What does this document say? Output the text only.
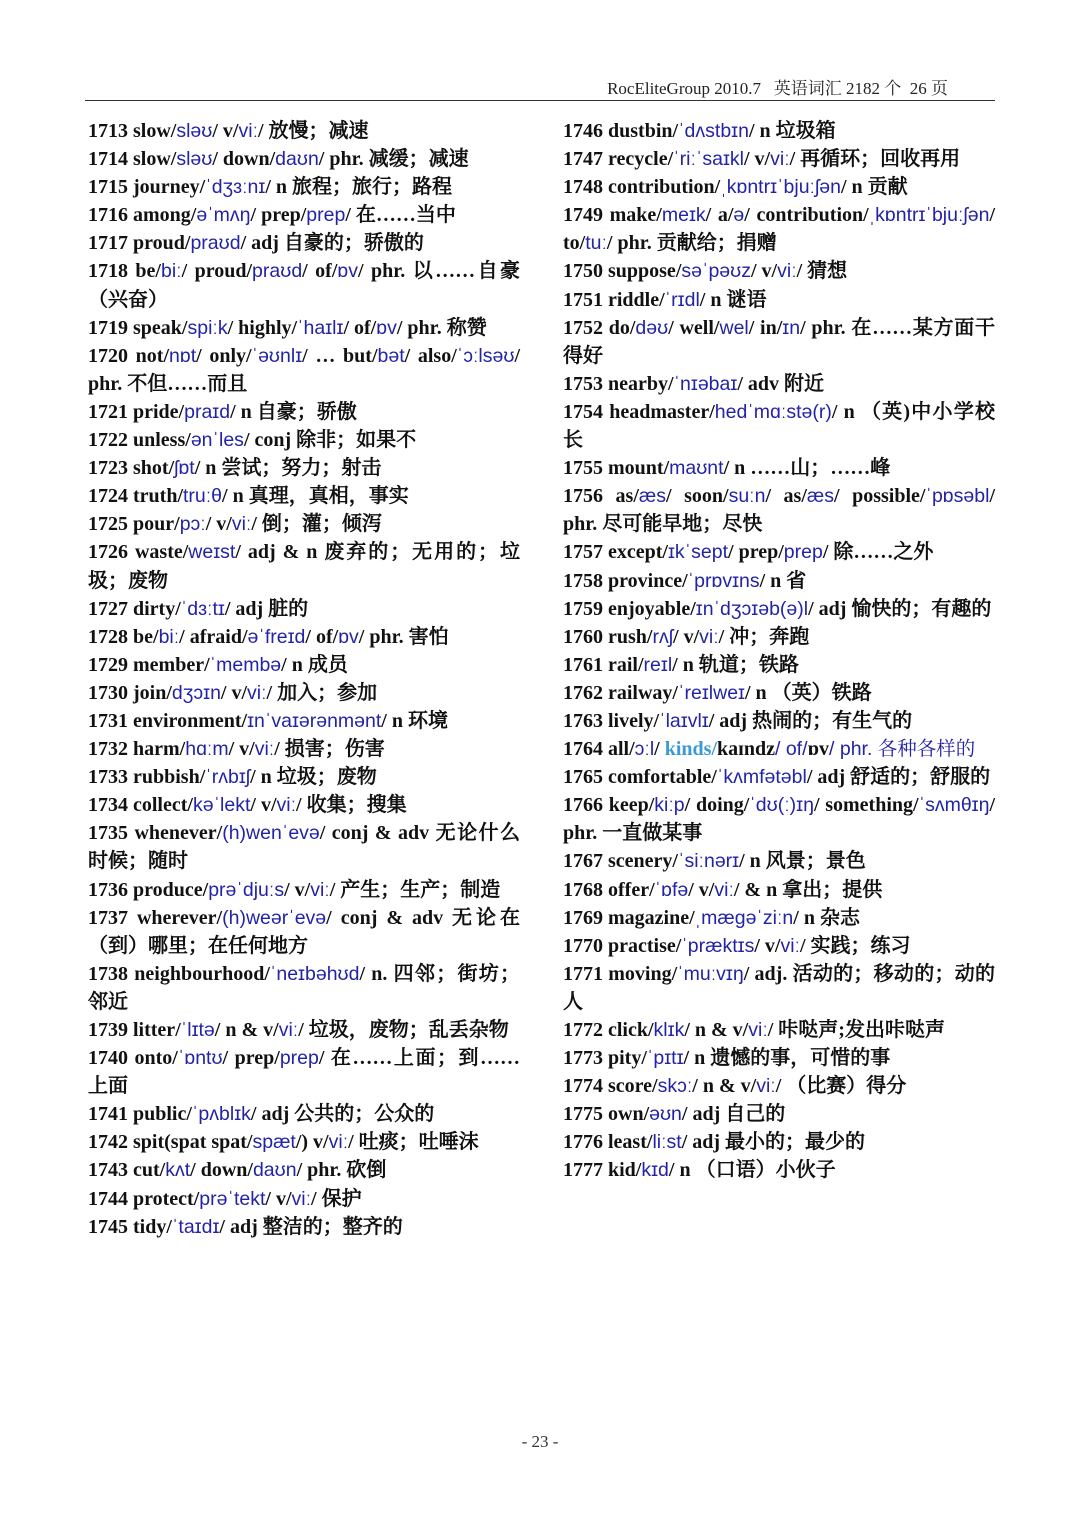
RocEliteGroup 2010.7   英语词汇 2182 个  26 页

1713 slow/sləʊ/ v/viː/ 放慢；减速

1714 slow/sləʊ/ down/daʊn/ phr. 减缓；减速

1715 journey/ˈdʒɜːnɪ/ n 旅程；旅行；路程

1716 among/əˈmʌŋ/ prep/prep/ 在……当中

1717 proud/praʊd/ adj 自豪的；骄傲的

1718 be/biː/ proud/praʊd/ of/ɒv/ phr. 以……自豪（兴奋）

1719 speak/spiːk/ highly/ˈhaɪlɪ/ of/ɒv/ phr. 称赞

1720 not/nɒt/ only/ˈəʊnlɪ/ … but/bət/ also/ˈɔːlsəʊ/ phr. 不但……而且

1721 pride/praɪd/ n 自豪；骄傲

1722 unless/ənˈles/ conj 除非；如果不

1723 shot/ʃɒt/ n 尝试；努力；射击

1724 truth/truːθ/ n 真理，真相，事实

1725 pour/pɔː/ v/viː/ 倒；灌；倾泻

1726 waste/weɪst/ adj & n 废弃的；无用的；垃圾；废物

1727 dirty/ˈdɜːtɪ/ adj 脏的

1728 be/biː/ afraid/əˈfreɪd/ of/ɒv/ phr. 害怕

1729 member/ˈmembə/ n 成员

1730 join/dʒɔɪn/ v/viː/ 加入；参加

1731 environment/ɪnˈvaɪərənmənt/ n 环境

1732 harm/hɑːm/ v/viː/ 损害；伤害

1733 rubbish/ˈrʌbɪʃ/ n 垃圾；废物

1734 collect/kəˈlekt/ v/viː/ 收集；搜集

1735 whenever/(h)wenˈevə/ conj & adv 无论什么时候；随时

1736 produce/prəˈdjuːs/ v/viː/ 产生；生产；制造

1737 wherever/(h)weərˈevə/ conj & adv 无论在（到）哪里；在任何地方

1738 neighbourhood/ˈneɪbəhʊd/ n. 四邻；街坊；邻近

1739 litter/ˈlɪtə/ n & v/viː/ 垃圾，废物；乱丢杂物

1740 onto/ˈɒntʊ/ prep/prep/ 在……上面；到……上面

1741 public/ˈpʌblɪk/ adj 公共的；公众的

1742 spit(spat spat/spæt/) v/viː/ 吐痰；吐唾沫

1743 cut/kʌt/ down/daʊn/ phr. 砍倒

1744 protect/prəˈtekt/ v/viː/ 保护

1745 tidy/ˈtaɪdɪ/ adj 整洁的；整齐的

1746 dustbin/ˈdʌstbɪn/ n 垃圾箱

1747 recycle/ˈriːˈsaɪkl/ v/viː/ 再循环；回收再用

1748 contribution/ˌkɒntrɪˈbjuːʃən/ n 贡献

1749 make/meɪk/ a/ə/ contribution/ˌkɒntrɪˈbjuːʃən/ to/tuː/ phr. 贡献给；捐赠

1750 suppose/səˈpəʊz/ v/viː/ 猜想

1751 riddle/ˈrɪdl/ n 谜语

1752 do/dəʊ/ well/wel/ in/ɪn/ phr. 在……某方面干得好

1753 nearby/ˈnɪəbaɪ/ adv 附近

1754 headmaster/hedˈmɑːstə(r)/ n （英)中小学校长

1755 mount/maʊnt/ n ……山；……峰

1756 as/æs/ soon/suːn/ as/æs/ possible/ˈpɒsəbl/ phr. 尽可能早地；尽快

1757 except/ɪkˈsept/ prep/prep/ 除……之外

1758 province/ˈprɒvɪns/ n 省

1759 enjoyable/ɪnˈdʒɔɪəb(ə)l/ adj 愉快的；有趣的

1760 rush/rʌʃ/ v/viː/ 冲；奔跑

1761 rail/reɪl/ n 轨道；铁路

1762 railway/ˈreɪlweɪ/ n （英）铁路

1763 lively/ˈlaɪvlɪ/ adj 热闹的；有生气的

1764 all/ɔːl/ kinds/kaɪndz/ of/ɒv/ phr. 各种各样的

1765 comfortable/ˈkʌmfətəbl/ adj 舒适的；舒服的

1766 keep/kiːp/ doing/ˈdʊ(ː)ɪŋ/ something/ˈsʌmθɪŋ/ phr. 一直做某事

1767 scenery/ˈsiːnərɪ/ n 风景；景色

1768 offer/ˈɒfə/ v/viː/ & n 拿出；提供

1769 magazine/ˌmægəˈziːn/ n 杂志

1770 practise/ˈpræktɪs/ v/viː/ 实践；练习

1771 moving/ˈmuːvɪŋ/ adj. 活动的；移动的；动的人

1772 click/klɪk/ n & v/viː/ 咔哒声;发出咔哒声

1773 pity/ˈpɪtɪ/ n 遗憾的事，可惜的事

1774 score/skɔː/ n & v/viː/ （比赛）得分

1775 own/əʊn/ adj 自己的

1776 least/liːst/ adj 最小的；最少的

1777 kid/kɪd/ n （口语）小伙子

- 23 -
